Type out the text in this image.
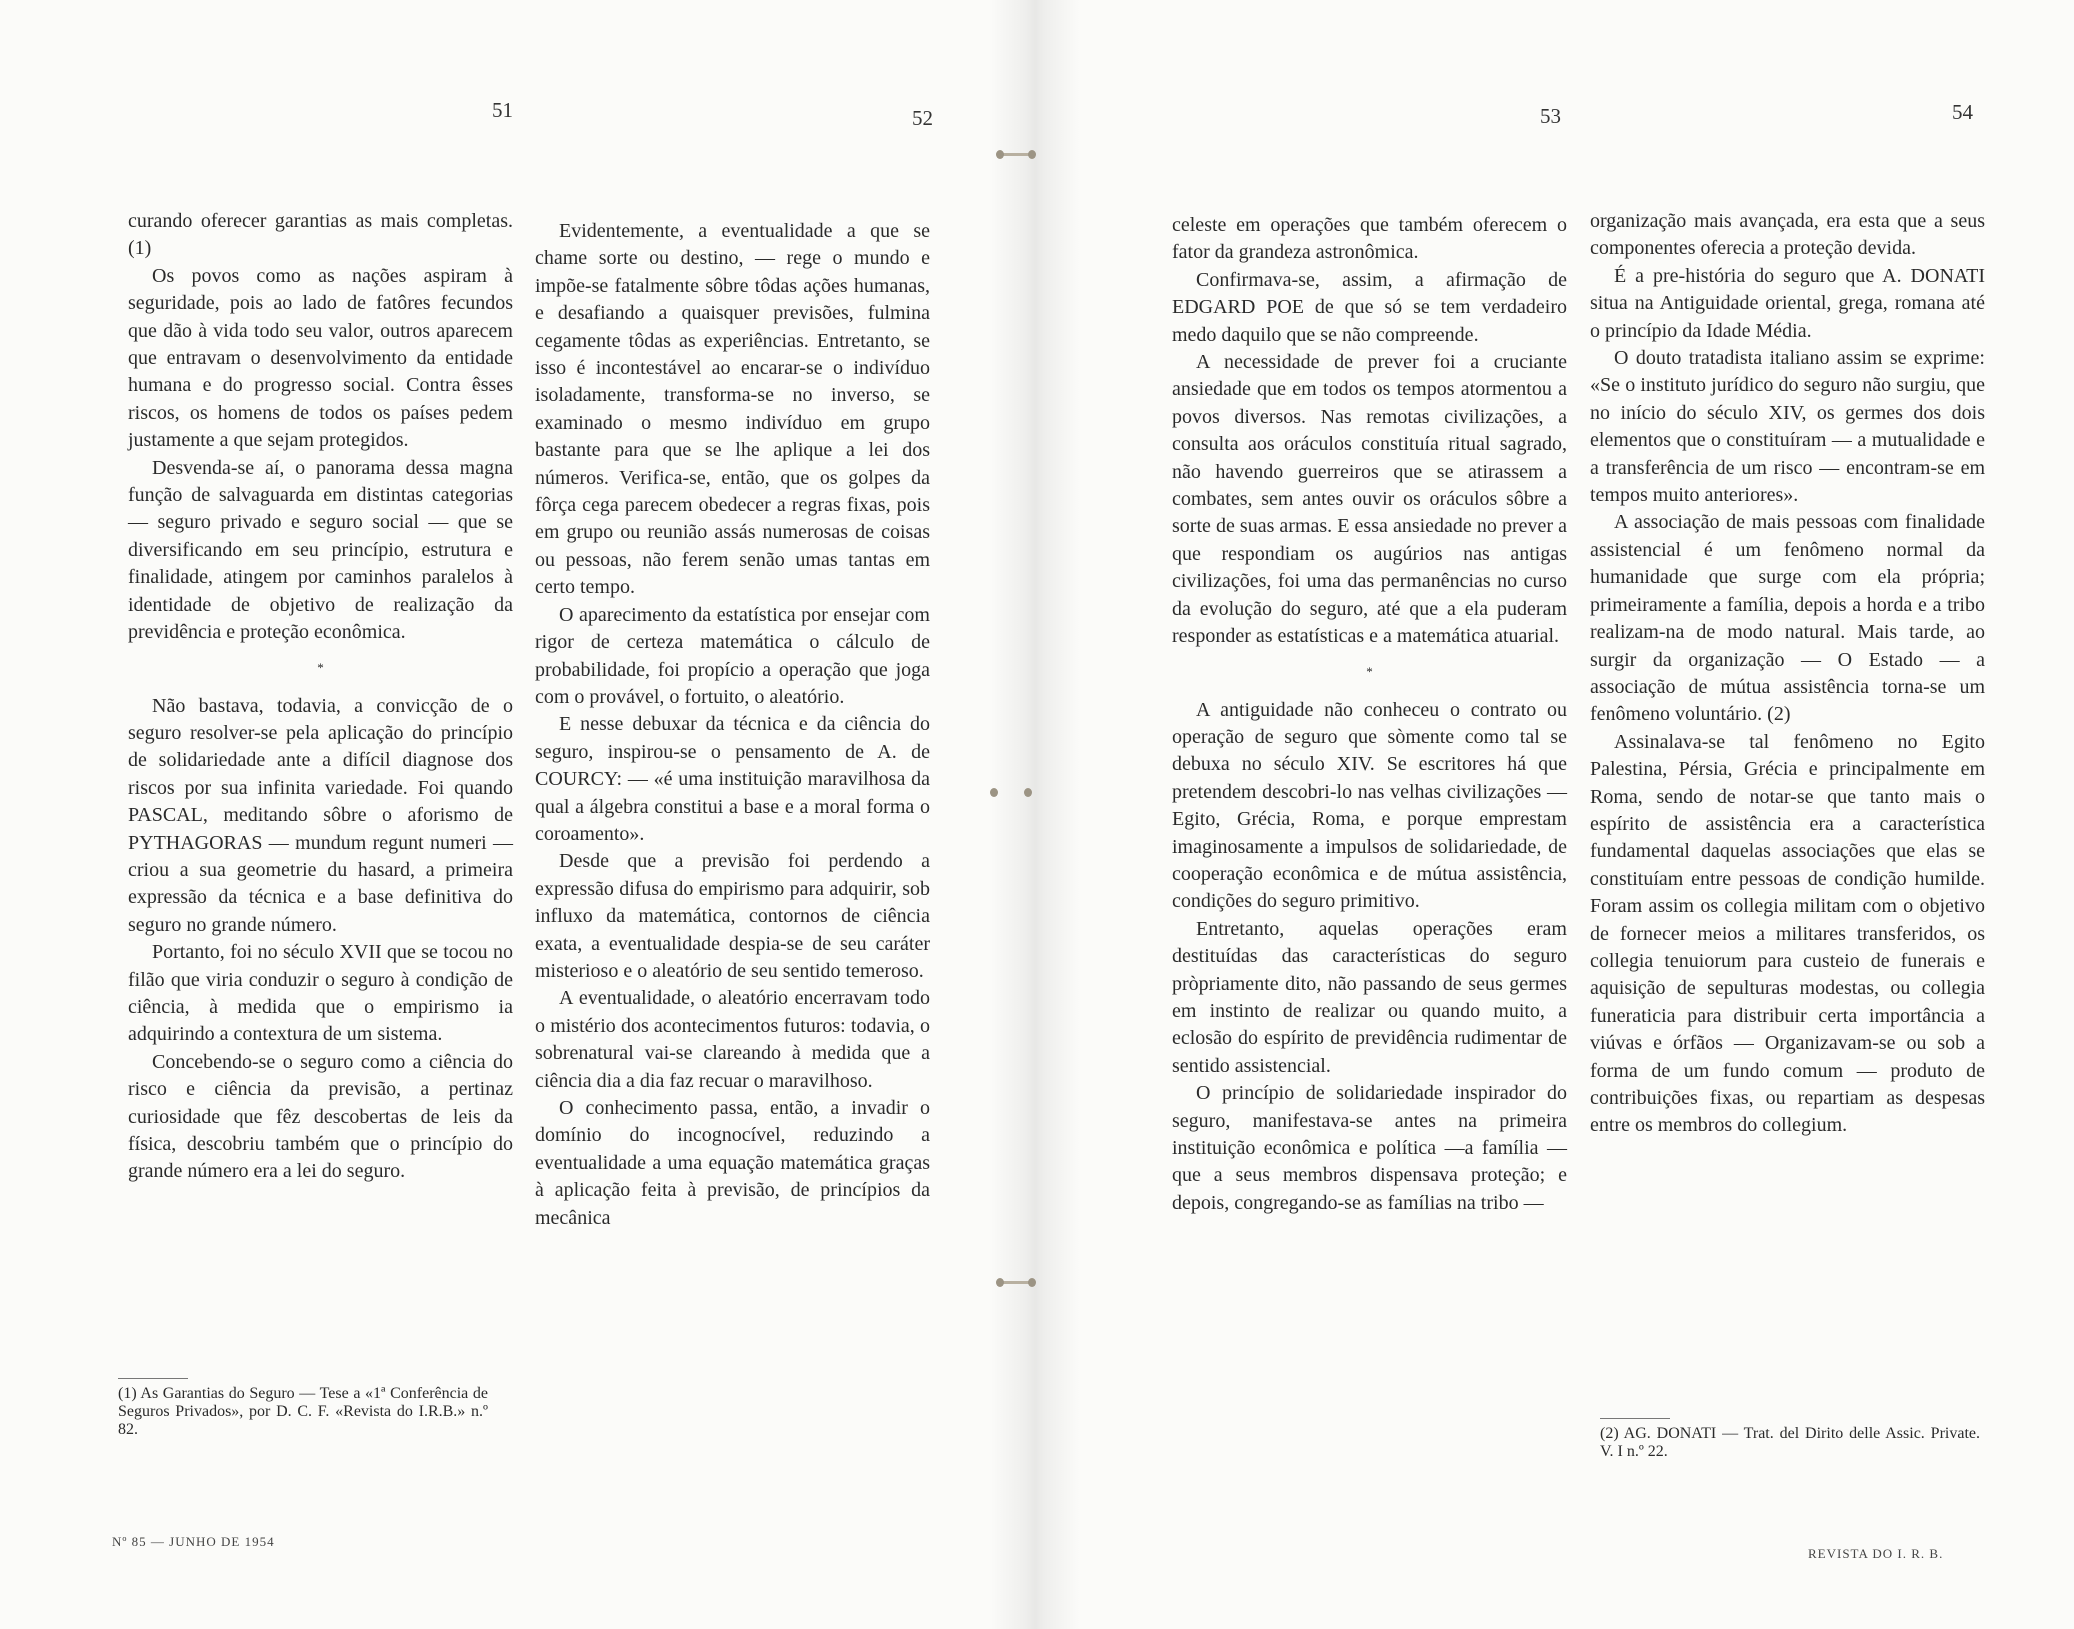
51

curando oferecer garantias as mais completas. (1)

Os povos como as nações aspiram à seguridade, pois ao lado de fatôres fecundos que dão à vida todo seu valor, outros aparecem que entravam o desenvolvimento da entidade humana e do progresso social. Contra êsses riscos, os homens de todos os países pedem justamente a que sejam protegidos.

Desvenda-se aí, o panorama dessa magna função de salvaguarda em distintas categorias — seguro privado e seguro social — que se diversificando em seu princípio, estrutura e finalidade, atingem por caminhos paralelos à identidade de objetivo de realização da previdência e proteção econômica.

*

Não bastava, todavia, a convicção de o seguro resolver-se pela aplicação do princípio de solidariedade ante a difícil diagnose dos riscos por sua infinita variedade. Foi quando PASCAL, meditando sôbre o aforismo de PYTHAGORAS — mundum regunt numeri — criou a sua geometrie du hasard, a primeira expressão da técnica e a base definitiva do seguro no grande número.

Portanto, foi no século XVII que se tocou no filão que viria conduzir o seguro à condição de ciência, à medida que o empirismo ia adquirindo a contextura de um sistema.

Concebendo-se o seguro como a ciência do risco e ciência da previsão, a pertinaz curiosidade que fêz descobertas de leis da física, descobriu também que o princípio do grande número era a lei do seguro.

(1) As Garantias do Seguro — Tese a «1ª Conferência de Seguros Privados», por D. C. F. «Revista do I.R.B.» n.º 82.
Nº 85 — JUNHO DE 1954
52

Evidentemente, a eventualidade a que se chame sorte ou destino, — rege o mundo e impõe-se fatalmente sôbre tôdas ações humanas, e desafiando a quaisquer previsões, fulmina cegamente tôdas as experiências. Entretanto, se isso é incontestável ao encarar-se o indivíduo isoladamente, transforma-se no inverso, se examinado o mesmo indivíduo em grupo bastante para que se lhe aplique a lei dos números. Verifica-se, então, que os golpes da fôrça cega parecem obedecer a regras fixas, pois em grupo ou reunião assás numerosas de coisas ou pessoas, não ferem senão umas tantas em certo tempo.

O aparecimento da estatística por ensejar com rigor de certeza matemática o cálculo de probabilidade, foi propício a operação que joga com o provável, o fortuito, o aleatório.

E nesse debuxar da técnica e da ciência do seguro, inspirou-se o pensamento de A. de COURCY: — «é uma instituição maravilhosa da qual a álgebra constitui a base e a moral forma o coroamento».

Desde que a previsão foi perdendo a expressão difusa do empirismo para adquirir, sob influxo da matemática, contornos de ciência exata, a eventualidade despia-se de seu caráter misterioso e o aleatório de seu sentido temeroso.

A eventualidade, o aleatório encerravam todo o mistério dos acontecimentos futuros: todavia, o sobrenatural vai-se clareando à medida que a ciência dia a dia faz recuar o maravilhoso.

O conhecimento passa, então, a invadir o domínio do incognocível, reduzindo a eventualidade a uma equação matemática graças à aplicação feita à previsão, de princípios da mecânica

53

celeste em operações que também oferecem o fator da grandeza astronômica.

Confirmava-se, assim, a afirmação de EDGARD POE de que só se tem verdadeiro medo daquilo que se não compreende.

A necessidade de prever foi a cruciante ansiedade que em todos os tempos atormentou a povos diversos. Nas remotas civilizações, a consulta aos oráculos constituía ritual sagrado, não havendo guerreiros que se atirassem a combates, sem antes ouvir os oráculos sôbre a sorte de suas armas. E essa ansiedade no prever a que respondiam os augúrios nas antigas civilizações, foi uma das permanências no curso da evolução do seguro, até que a ela puderam responder as estatísticas e a matemática atuarial.

*

A antiguidade não conheceu o contrato ou operação de seguro que sòmente como tal se debuxa no século XIV. Se escritores há que pretendem descobri-lo nas velhas civilizações — Egito, Grécia, Roma, e porque emprestam imaginosamente a impulsos de solidariedade, de cooperação econômica e de mútua assistência, condições do seguro primitivo.

Entretanto, aquelas operações eram destituídas das características do seguro pròpriamente dito, não passando de seus germes em instinto de realizar ou quando muito, a eclosão do espírito de previdência rudimentar de sentido assistencial.

O princípio de solidariedade inspirador do seguro, manifestava-se antes na primeira instituição econômica e política —a família — que a seus membros dispensava proteção; e depois, congregando-se as famílias na tribo —

54

organização mais avançada, era esta que a seus componentes oferecia a proteção devida.

É a pre-história do seguro que A. DONATI situa na Antiguidade oriental, grega, romana até o princípio da Idade Média.

O douto tratadista italiano assim se exprime: «Se o instituto jurídico do seguro não surgiu, que no início do século XIV, os germes dos dois elementos que o constituíram — a mutualidade e a transferência de um risco — encontram-se em tempos muito anteriores».

A associação de mais pessoas com finalidade assistencial é um fenômeno normal da humanidade que surge com ela própria; primeiramente a família, depois a horda e a tribo realizam-na de modo natural. Mais tarde, ao surgir da organização — O Estado — a associação de mútua assistência torna-se um fenômeno voluntário. (2)

Assinalava-se tal fenômeno no Egito Palestina, Pérsia, Grécia e principalmente em Roma, sendo de notar-se que tanto mais o espírito de assistência era a característica fundamental daquelas associações que elas se constituíam entre pessoas de condição humilde. Foram assim os collegia militam com o objetivo de fornecer meios a militares transferidos, os collegia tenuiorum para custeio de funerais e aquisição de sepulturas modestas, ou collegia funeraticia para distribuir certa importância a viúvas e órfãos — Organizavam-se ou sob a forma de um fundo comum — produto de contribuições fixas, ou repartiam as despesas entre os membros do collegium.

(2) AG. DONATI — Trat. del Dirito delle Assic. Private. V. I n.º 22.
REVISTA DO I. R. B.
